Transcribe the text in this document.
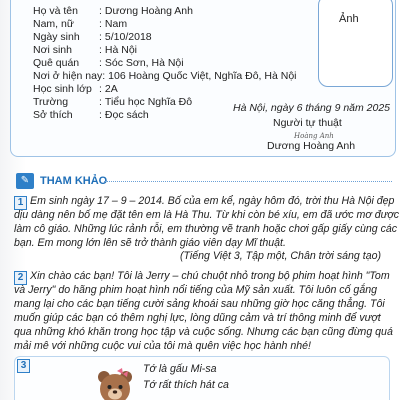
Họ và tên : Dương Hoàng Anh
Nam, nữ : Nam
Ngày sinh : 5/10/2018
Nơi sinh	: Hà Nội
Quê quán : Sóc Sơn, Hà Nội
Nơi ở hiện nay: 106 Hoàng Quốc Việt, Nghĩa Đô, Hà Nội
Học sinh lớp : 2A
Trường	: Tiểu học Nghĩa Đô
Sở thích	: Đọc sách
Ảnh
Hà Nội, ngày 6 tháng 9 năm 2025
Người tự thuật
Hoàng Anh
Dương Hoàng Anh
✎ THAM KHẢO
1 Em sinh ngày 17 – 9 – 2014. Bố của em kể, ngày hôm đó, trời thu Hà Nội đẹp
dịu dàng nên bố mẹ đặt tên em là Hà Thu. Từ khi còn bé xíu, em đã ước mơ được
làm cô giáo. Những lúc rảnh rỗi, em thường vẽ tranh hoặc chơi gấp giấy cùng các
bạn. Em mong lớn lên sẽ trở thành giáo viên dạy Mĩ thuật.
(Tiếng Việt 3, Tập một, Chân trời sáng tạo)
2 Xin chào các bạn! Tôi là Jerry – chú chuột nhỏ trong bộ phim hoạt hình "Tom
và Jerry" do hãng phim hoạt hình nổi tiếng của Mỹ sản xuất. Tôi luôn cố gắng
mang lại cho các bạn tiếng cười sảng khoái sau những giờ học căng thẳng. Tôi
muốn giúp các bạn có thêm nghị lực, lòng dũng cảm và trí thông minh để vượt
qua những khó khăn trong học tập và cuộc sống. Nhưng các bạn cũng đừng quá
mải mê với những cuộc vui của tôi mà quên việc học hành nhé!
3	Tớ là gấu Mi-sa
Tớ rất thích hát ca
